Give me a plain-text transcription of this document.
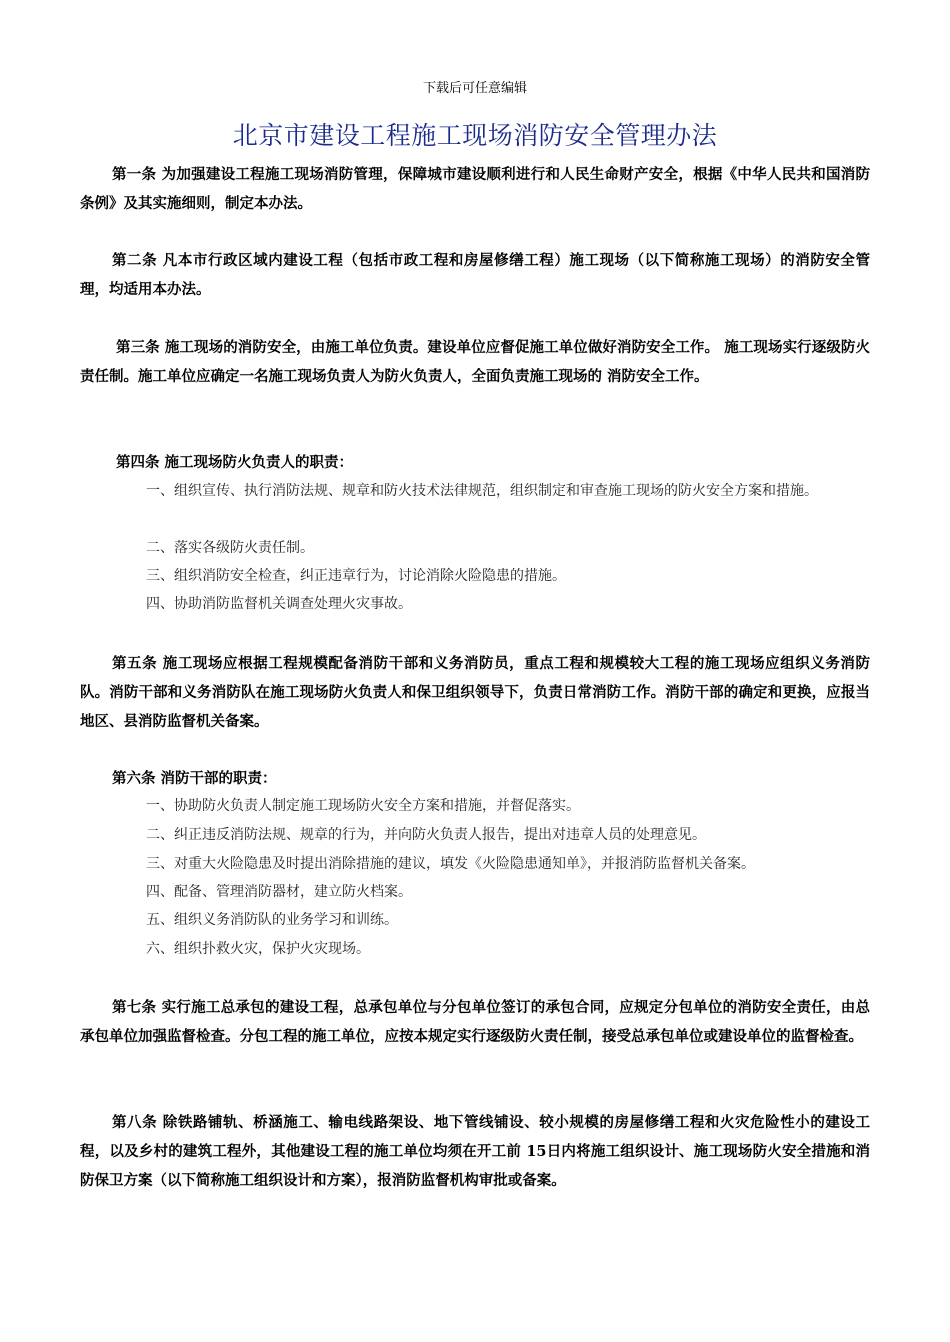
下载后可任意编辑
北京市建设工程施工现场消防安全管理办法
第一条 为加强建设工程施工现场消防管理，保障城市建设顺利进行和人民生命财产安全，根据《中华人民共和国消防条例》及其实施细则，制定本办法。
第二条 凡本市行政区域内建设工程（包括市政工程和房屋修缮工程）施工现场（以下简称施工现场）的消防安全管理，均适用本办法。
第三条 施工现场的消防安全，由施工单位负责。建设单位应督促施工单位做好消防安全工作。 施工现场实行逐级防火责任制。施工单位应确定一名施工现场负责人为防火负责人，全面负责施工现场的 消防安全工作。
第四条 施工现场防火负责人的职责：
一、组织宣传、执行消防法规、规章和防火技术法律规范，组织制定和审查施工现场的防火安全方案和措施。
二、落实各级防火责任制。
三、组织消防安全检查，纠正违章行为，讨论消除火险隐患的措施。
四、协助消防监督机关调查处理火灾事故。
第五条 施工现场应根据工程规模配备消防干部和义务消防员，重点工程和规模较大工程的施工现场应组织义务消防队。消防干部和义务消防队在施工现场防火负责人和保卫组织领导下，负责日常消防工作。消防干部的确定和更换，应报当地区、县消防监督机关备案。
第六条 消防干部的职责：
一、协助防火负责人制定施工现场防火安全方案和措施，并督促落实。
二、纠正违反消防法规、规章的行为，并向防火负责人报告，提出对违章人员的处理意见。
三、对重大火险隐患及时提出消除措施的建议，填发《火险隐患通知单》，并报消防监督机关备案。
四、配备、管理消防器材，建立防火档案。
五、组织义务消防队的业务学习和训练。
六、组织扑救火灾，保护火灾现场。
第七条 实行施工总承包的建设工程，总承包单位与分包单位签订的承包合同，应规定分包单位的消防安全责任，由总承包单位加强监督检查。分包工程的施工单位，应按本规定实行逐级防火责任制，接受总承包单位或建设单位的监督检查。
第八条 除铁路铺轨、桥涵施工、输电线路架设、地下管线铺设、较小规模的房屋修缮工程和火灾危险性小的建设工程，以及乡村的建筑工程外，其他建设工程的施工单位均须在开工前 15日内将施工组织设计、施工现场防火安全措施和消防保卫方案（以下简称施工组织设计和方案），报消防监督机构审批或备案。
